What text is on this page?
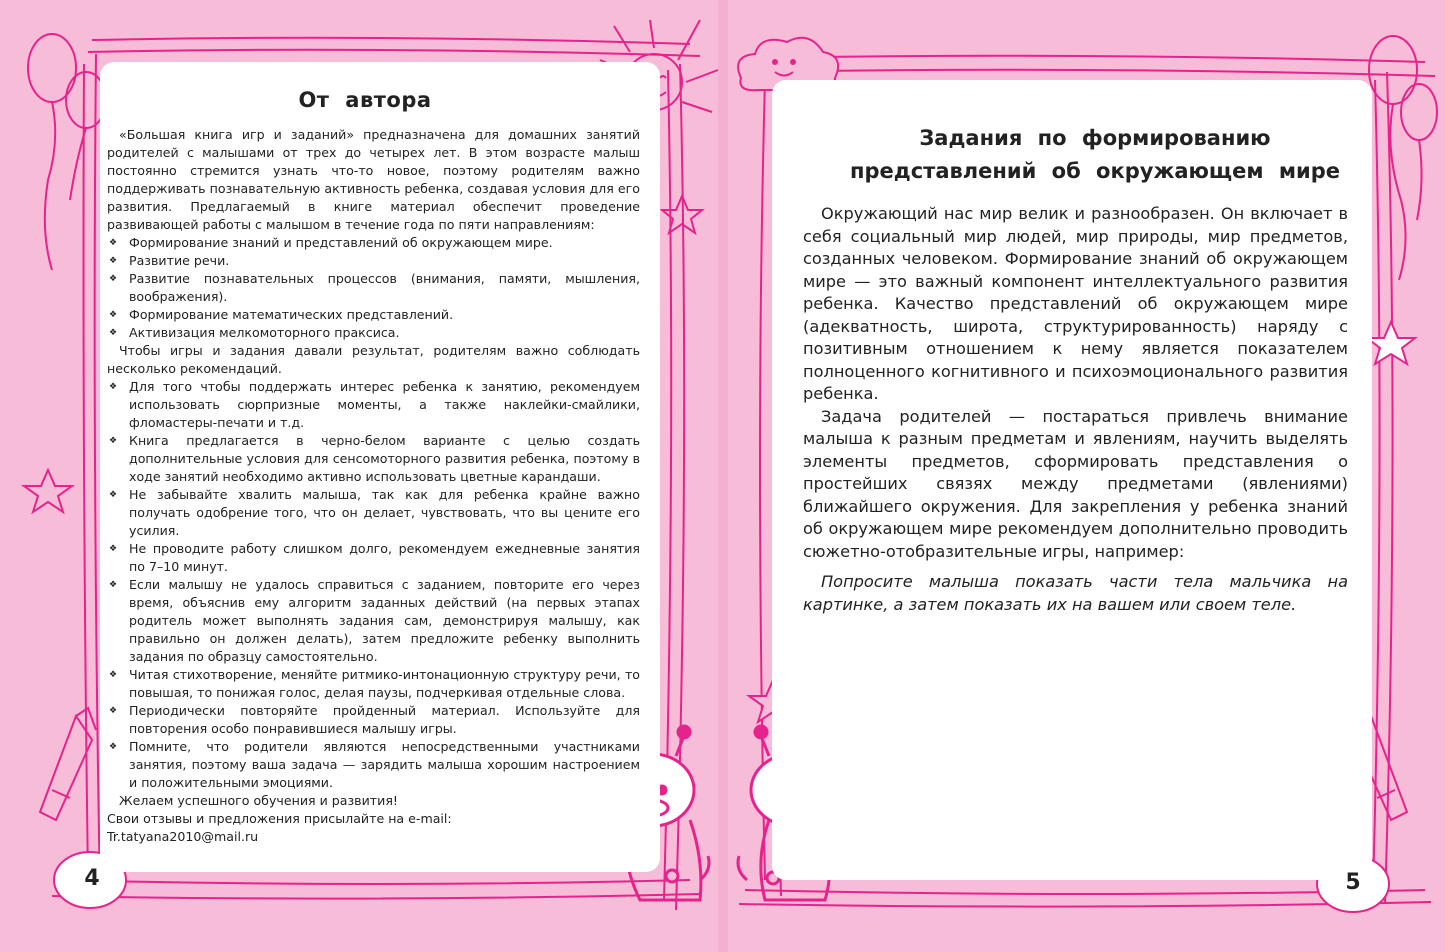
От автора

«Большая книга игр и заданий» предназначена для домашних занятий родителей с малышами от трех до четырех лет. В этом возрасте малыш постоянно стремится узнать что-то новое, поэтому родителям важно поддерживать познавательную активность ребенка, создавая условия для его развития. Предлагаемый в книге материал обеспечит проведение развивающей работы с малышом в течение года по пяти направлениям:

❖ Формирование знаний и представлений об окружающем мире.
❖ Развитие речи.
❖ Развитие познавательных процессов (внимания, памяти, мышления, воображения).
❖ Формирование математических представлений.
❖ Активизация мелкомоторного праксиса.

Чтобы игры и задания давали результат, родителям важно соблюдать несколько рекомендаций.

❖ Для того чтобы поддержать интерес ребенка к занятию, рекомендуем использовать сюрпризные моменты, а также наклейки-смайлики, фломастеры-печати и т.д.
❖ Книга предлагается в черно-белом варианте с целью создать дополнительные условия для сенсомоторного развития ребенка, поэтому в ходе занятий необходимо активно использовать цветные карандаши.
❖ Не забывайте хвалить малыша, так как для ребенка крайне важно получать одобрение того, что он делает, чувствовать, что вы цените его усилия.
❖ Не проводите работу слишком долго, рекомендуем ежедневные занятия по 7–10 минут.
❖ Если малышу не удалось справиться с заданием, повторите его через время, объяснив ему алгоритм заданных действий (на первых этапах родитель может выполнять задания сам, демонстрируя малышу, как правильно он должен делать), затем предложите ребенку выполнить задания по образцу самостоятельно.
❖ Читая стихотворение, меняйте ритмико-интонационную структуру речи, то повышая, то понижая голос, делая паузы, подчеркивая отдельные слова.
❖ Периодически повторяйте пройденный материал. Используйте для повторения особо понравившиеся малышу игры.
❖ Помните, что родители являются непосредственными участниками занятия, поэтому ваша задача — зарядить малыша хорошим настроением и положительными эмоциями.

Желаем успешного обучения и развития!

Свои отзывы и предложения присылайте на e-mail:

Tr.tatyana2010@mail.ru

4	5
Задания по формированию
представлений об окружающем мире

Окружающий нас мир велик и разнообразен. Он включает в себя социальный мир людей, мир природы, мир предметов, созданных человеком. Формирование знаний об окружающем мире — это важный компонент интеллектуального развития ребенка. Качество представлений об окружающем мире (адекватность, широта, структурированность) наряду с позитивным отношением к нему является показателем полноценного когнитивного и психоэмоционального развития ребенка.

Задача родителей — постараться привлечь внимание малыша к разным предметам и явлениям, научить выделять элементы предметов, сформировать представления о простейших связях между предметами (явлениями) ближайшего окружения. Для закрепления у ребенка знаний об окружающем мире рекомендуем дополнительно проводить сюжетно-отобразительные игры, например:

Попросите малыша показать части тела мальчика на картинке, а затем показать их на вашем или своем теле.
